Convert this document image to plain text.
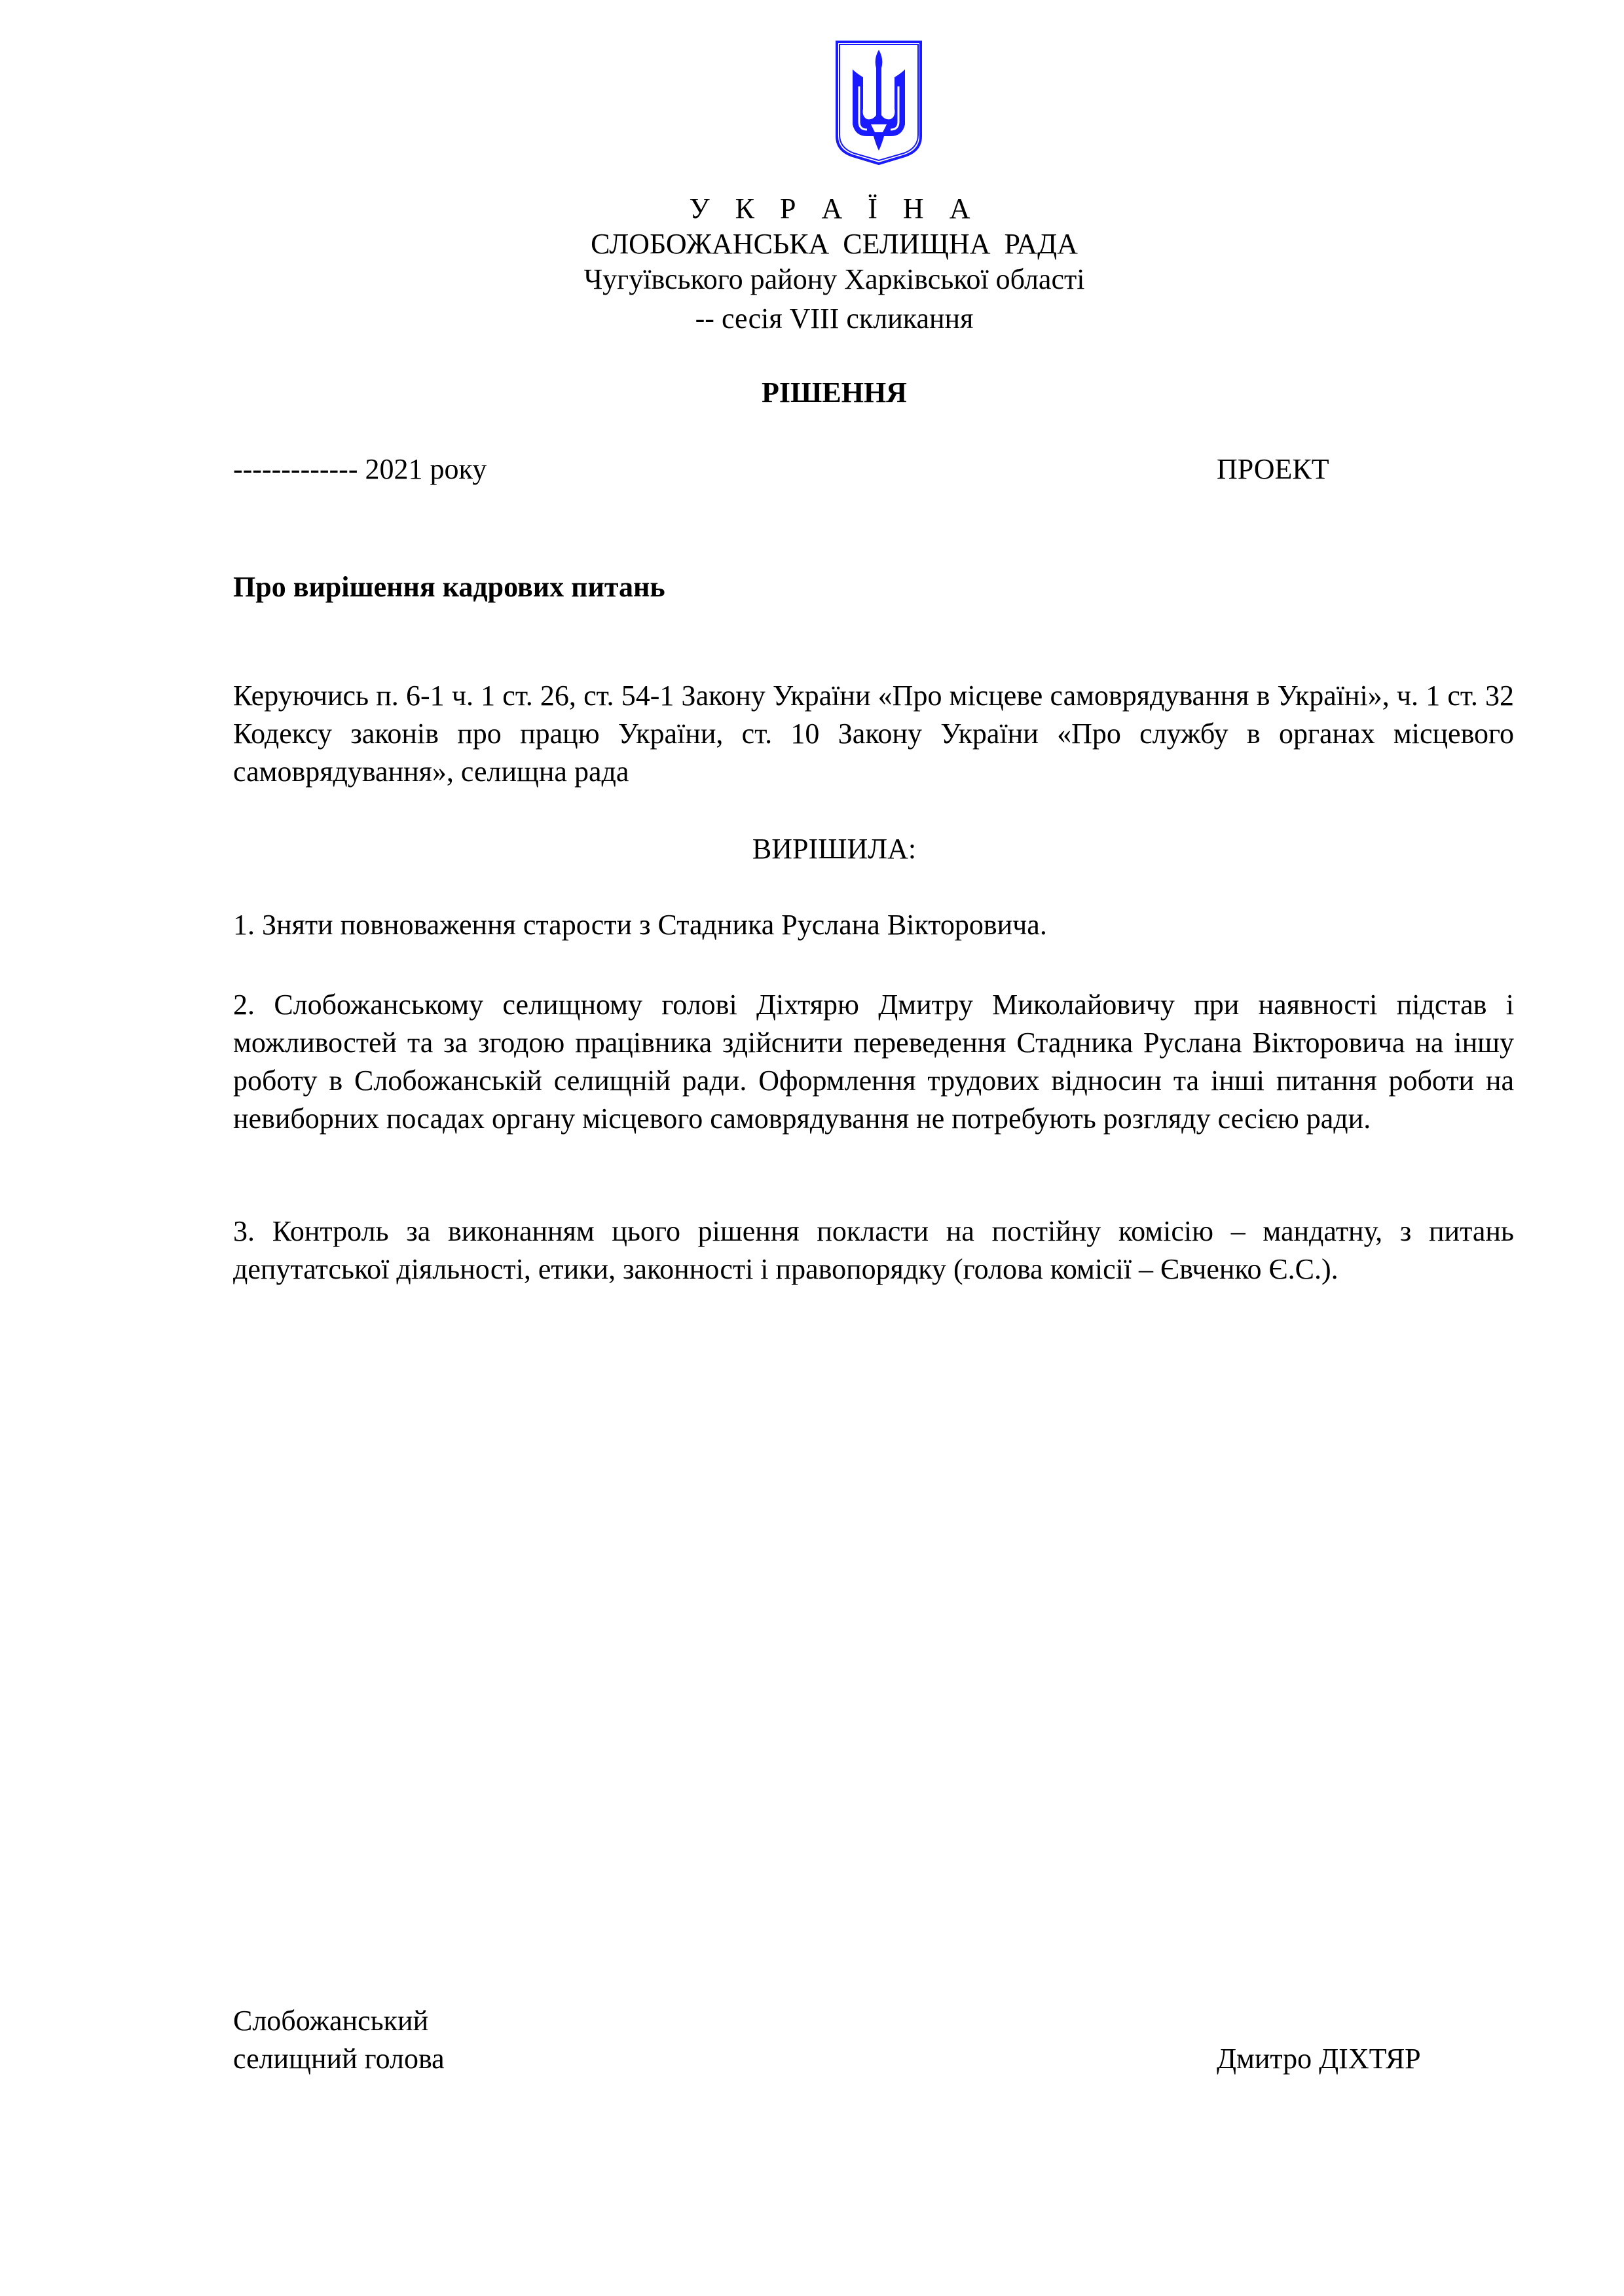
У К Р А Ї Н А
СЛОБОЖАНСЬКА СЕЛИЩНА РАДА
Чугуївського району Харківської області
-- сесія VIII скликання
РІШЕННЯ
------------- 2021 року	ПРОЕКТ
Про вирішення кадрових питань
Керуючись п. 6-1 ч. 1 ст. 26, ст. 54-1 Закону України «Про місцеве самоврядування в Україні», ч. 1 ст. 32 Кодексу законів про працю України, ст. 10 Закону України «Про службу в органах місцевого самоврядування», селищна рада
ВИРІШИЛА:
1. Зняти повноваження старости з Стадника Руслана Вікторовича.
2. Слобожанському селищному голові Діхтярю Дмитру Миколайовичу при наявності підстав і можливостей та за згодою працівника здійснити переведення Стадника Руслана Вікторовича на іншу роботу в Слобожанській селищній ради. Оформлення трудових відносин та інші питання роботи на невиборних посадах органу місцевого самоврядування не потребують розгляду сесією ради.
3. Контроль за виконанням цього рішення покласти на постійну комісію – мандатну, з питань депутатської діяльності, етики, законності і правопорядку (голова комісії – Євченко Є.С.).
Слобожанський
селищний голова	Дмитро ДІХТЯР
